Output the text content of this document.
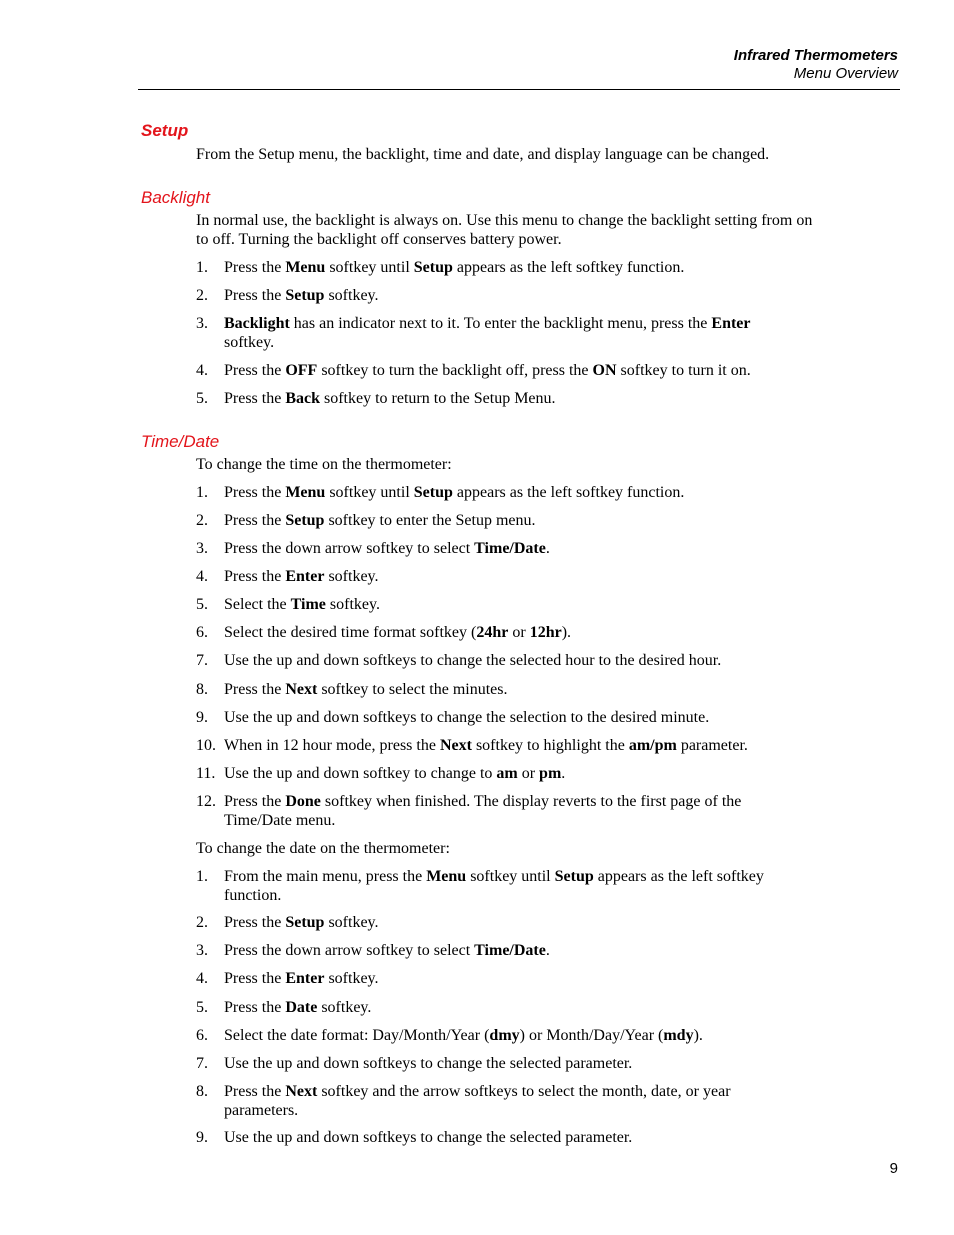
Infrared Thermometers
Menu Overview
Setup
From the Setup menu, the backlight, time and date, and display language can be changed.
Backlight
In normal use, the backlight is always on. Use this menu to change the backlight setting from on to off. Turning the backlight off conserves battery power.
1. Press the Menu softkey until Setup appears as the left softkey function.
2. Press the Setup softkey.
3. Backlight has an indicator next to it. To enter the backlight menu, press the Enter softkey.
4. Press the OFF softkey to turn the backlight off, press the ON softkey to turn it on.
5. Press the Back softkey to return to the Setup Menu.
Time/Date
To change the time on the thermometer:
1. Press the Menu softkey until Setup appears as the left softkey function.
2. Press the Setup softkey to enter the Setup menu.
3. Press the down arrow softkey to select Time/Date.
4. Press the Enter softkey.
5. Select the Time softkey.
6. Select the desired time format softkey (24hr or 12hr).
7. Use the up and down softkeys to change the selected hour to the desired hour.
8. Press the Next softkey to select the minutes.
9. Use the up and down softkeys to change the selection to the desired minute.
10. When in 12 hour mode, press the Next softkey to highlight the am/pm parameter.
11. Use the up and down softkey to change to am or pm.
12. Press the Done softkey when finished. The display reverts to the first page of the Time/Date menu.
To change the date on the thermometer:
1. From the main menu, press the Menu softkey until Setup appears as the left softkey function.
2. Press the Setup softkey.
3. Press the down arrow softkey to select Time/Date.
4. Press the Enter softkey.
5. Press the Date softkey.
6. Select the date format: Day/Month/Year (dmy) or Month/Day/Year (mdy).
7. Use the up and down softkeys to change the selected parameter.
8. Press the Next softkey and the arrow softkeys to select the month, date, or year parameters.
9. Use the up and down softkeys to change the selected parameter.
9
